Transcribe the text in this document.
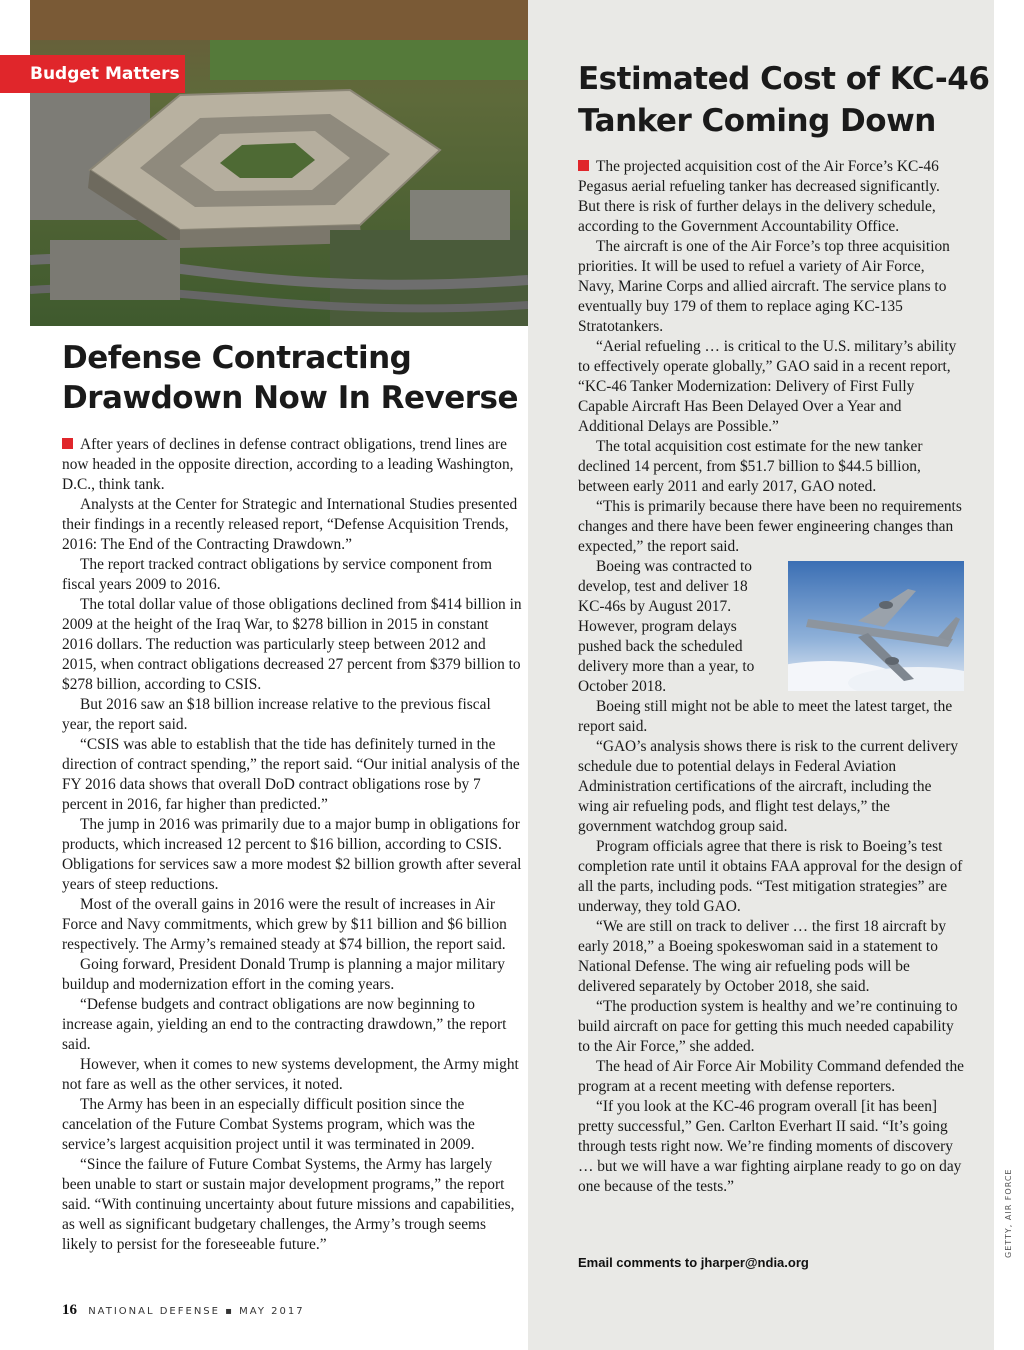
Budget Matters
Defense Contracting Drawdown Now In Reverse

After years of declines in defense contract obligations, trend lines are now headed in the opposite direction, according to a leading Washington, D.C., think tank.

Analysts at the Center for Strategic and International Studies presented their findings in a recently released report, “Defense Acquisition Trends, 2016: The End of the Contracting Drawdown.”

The report tracked contract obligations by service component from fiscal years 2009 to 2016.

The total dollar value of those obligations declined from $414 billion in 2009 at the height of the Iraq War, to $278 billion in 2015 in constant 2016 dollars. The reduction was particularly steep between 2012 and 2015, when contract obligations decreased 27 percent from $379 billion to $278 billion, according to CSIS.

But 2016 saw an $18 billion increase relative to the previous fiscal year, the report said.

“CSIS was able to establish that the tide has definitely turned in the direction of contract spending,” the report said. “Our initial analysis of the FY 2016 data shows that overall DoD contract obligations rose by 7 percent in 2016, far higher than predicted.”

The jump in 2016 was primarily due to a major bump in obligations for products, which increased 12 percent to $16 billion, according to CSIS. Obligations for services saw a more modest $2 billion growth after several years of steep reductions.

Most of the overall gains in 2016 were the result of increases in Air Force and Navy commitments, which grew by $11 billion and $6 billion respectively. The Army’s remained steady at $74 billion, the report said.

Going forward, President Donald Trump is planning a major military buildup and modernization effort in the coming years.

“Defense budgets and contract obligations are now beginning to increase again, yielding an end to the contracting drawdown,” the report said.

However, when it comes to new systems development, the Army might not fare as well as the other services, it noted.

The Army has been in an especially difficult position since the cancelation of the Future Combat Systems program, which was the service’s largest acquisition project until it was terminated in 2009.

“Since the failure of Future Combat Systems, the Army has largely been unable to start or sustain major development programs,” the report said. “With continuing uncertainty about future missions and capabilities, as well as significant budgetary challenges, the Army’s trough seems likely to persist for the foreseeable future.”

Estimated Cost of KC-46 Tanker Coming Down

The projected acquisition cost of the Air Force’s KC-46 Pegasus aerial refueling tanker has decreased significantly. But there is risk of further delays in the delivery schedule, according to the Government Accountability Office.

The aircraft is one of the Air Force’s top three acquisition priorities. It will be used to refuel a variety of Air Force, Navy, Marine Corps and allied aircraft. The service plans to eventually buy 179 of them to replace aging KC-135 Stratotankers.

“Aerial refueling … is critical to the U.S. military’s ability to effectively operate globally,” GAO said in a recent report, “KC-46 Tanker Modernization: Delivery of First Fully Capable Aircraft Has Been Delayed Over a Year and Additional Delays are Possible.”

The total acquisition cost estimate for the new tanker declined 14 percent, from $51.7 billion to $44.5 billion, between early 2011 and early 2017, GAO noted.

“This is primarily because there have been no requirements changes and there have been fewer engineering changes than expected,” the report said.

Boeing was contracted to develop, test and deliver 18 KC-46s by August 2017. However, program delays pushed back the scheduled delivery more than a year, to October 2018.

Boeing still might not be able to meet the latest target, the report said.

“GAO’s analysis shows there is risk to the current delivery schedule due to potential delays in Federal Aviation Administration certifications of the aircraft, including the wing air refueling pods, and flight test delays,” the government watchdog group said.

Program officials agree that there is risk to Boeing’s test completion rate until it obtains FAA approval for the design of all the parts, including pods. “Test mitigation strategies” are underway, they told GAO.

“We are still on track to deliver … the first 18 aircraft by early 2018,” a Boeing spokeswoman said in a statement to National Defense. The wing air refueling pods will be delivered separately by October 2018, she said.

“The production system is healthy and we’re continuing to build aircraft on pace for getting this much needed capability to the Air Force,” she added.

The head of Air Force Air Mobility Command defended the program at a recent meeting with defense reporters.

“If you look at the KC-46 program overall [it has been] pretty successful,” Gen. Carlton Everhart II said. “It’s going through tests right now. We’re finding moments of discovery … but we will have a war fighting airplane ready to go on day one because of the tests.”

Email comments to jharper@ndia.org
GETTY, AIR FORCE
16 NATIONAL DEFENSE ▪ MAY 2017
